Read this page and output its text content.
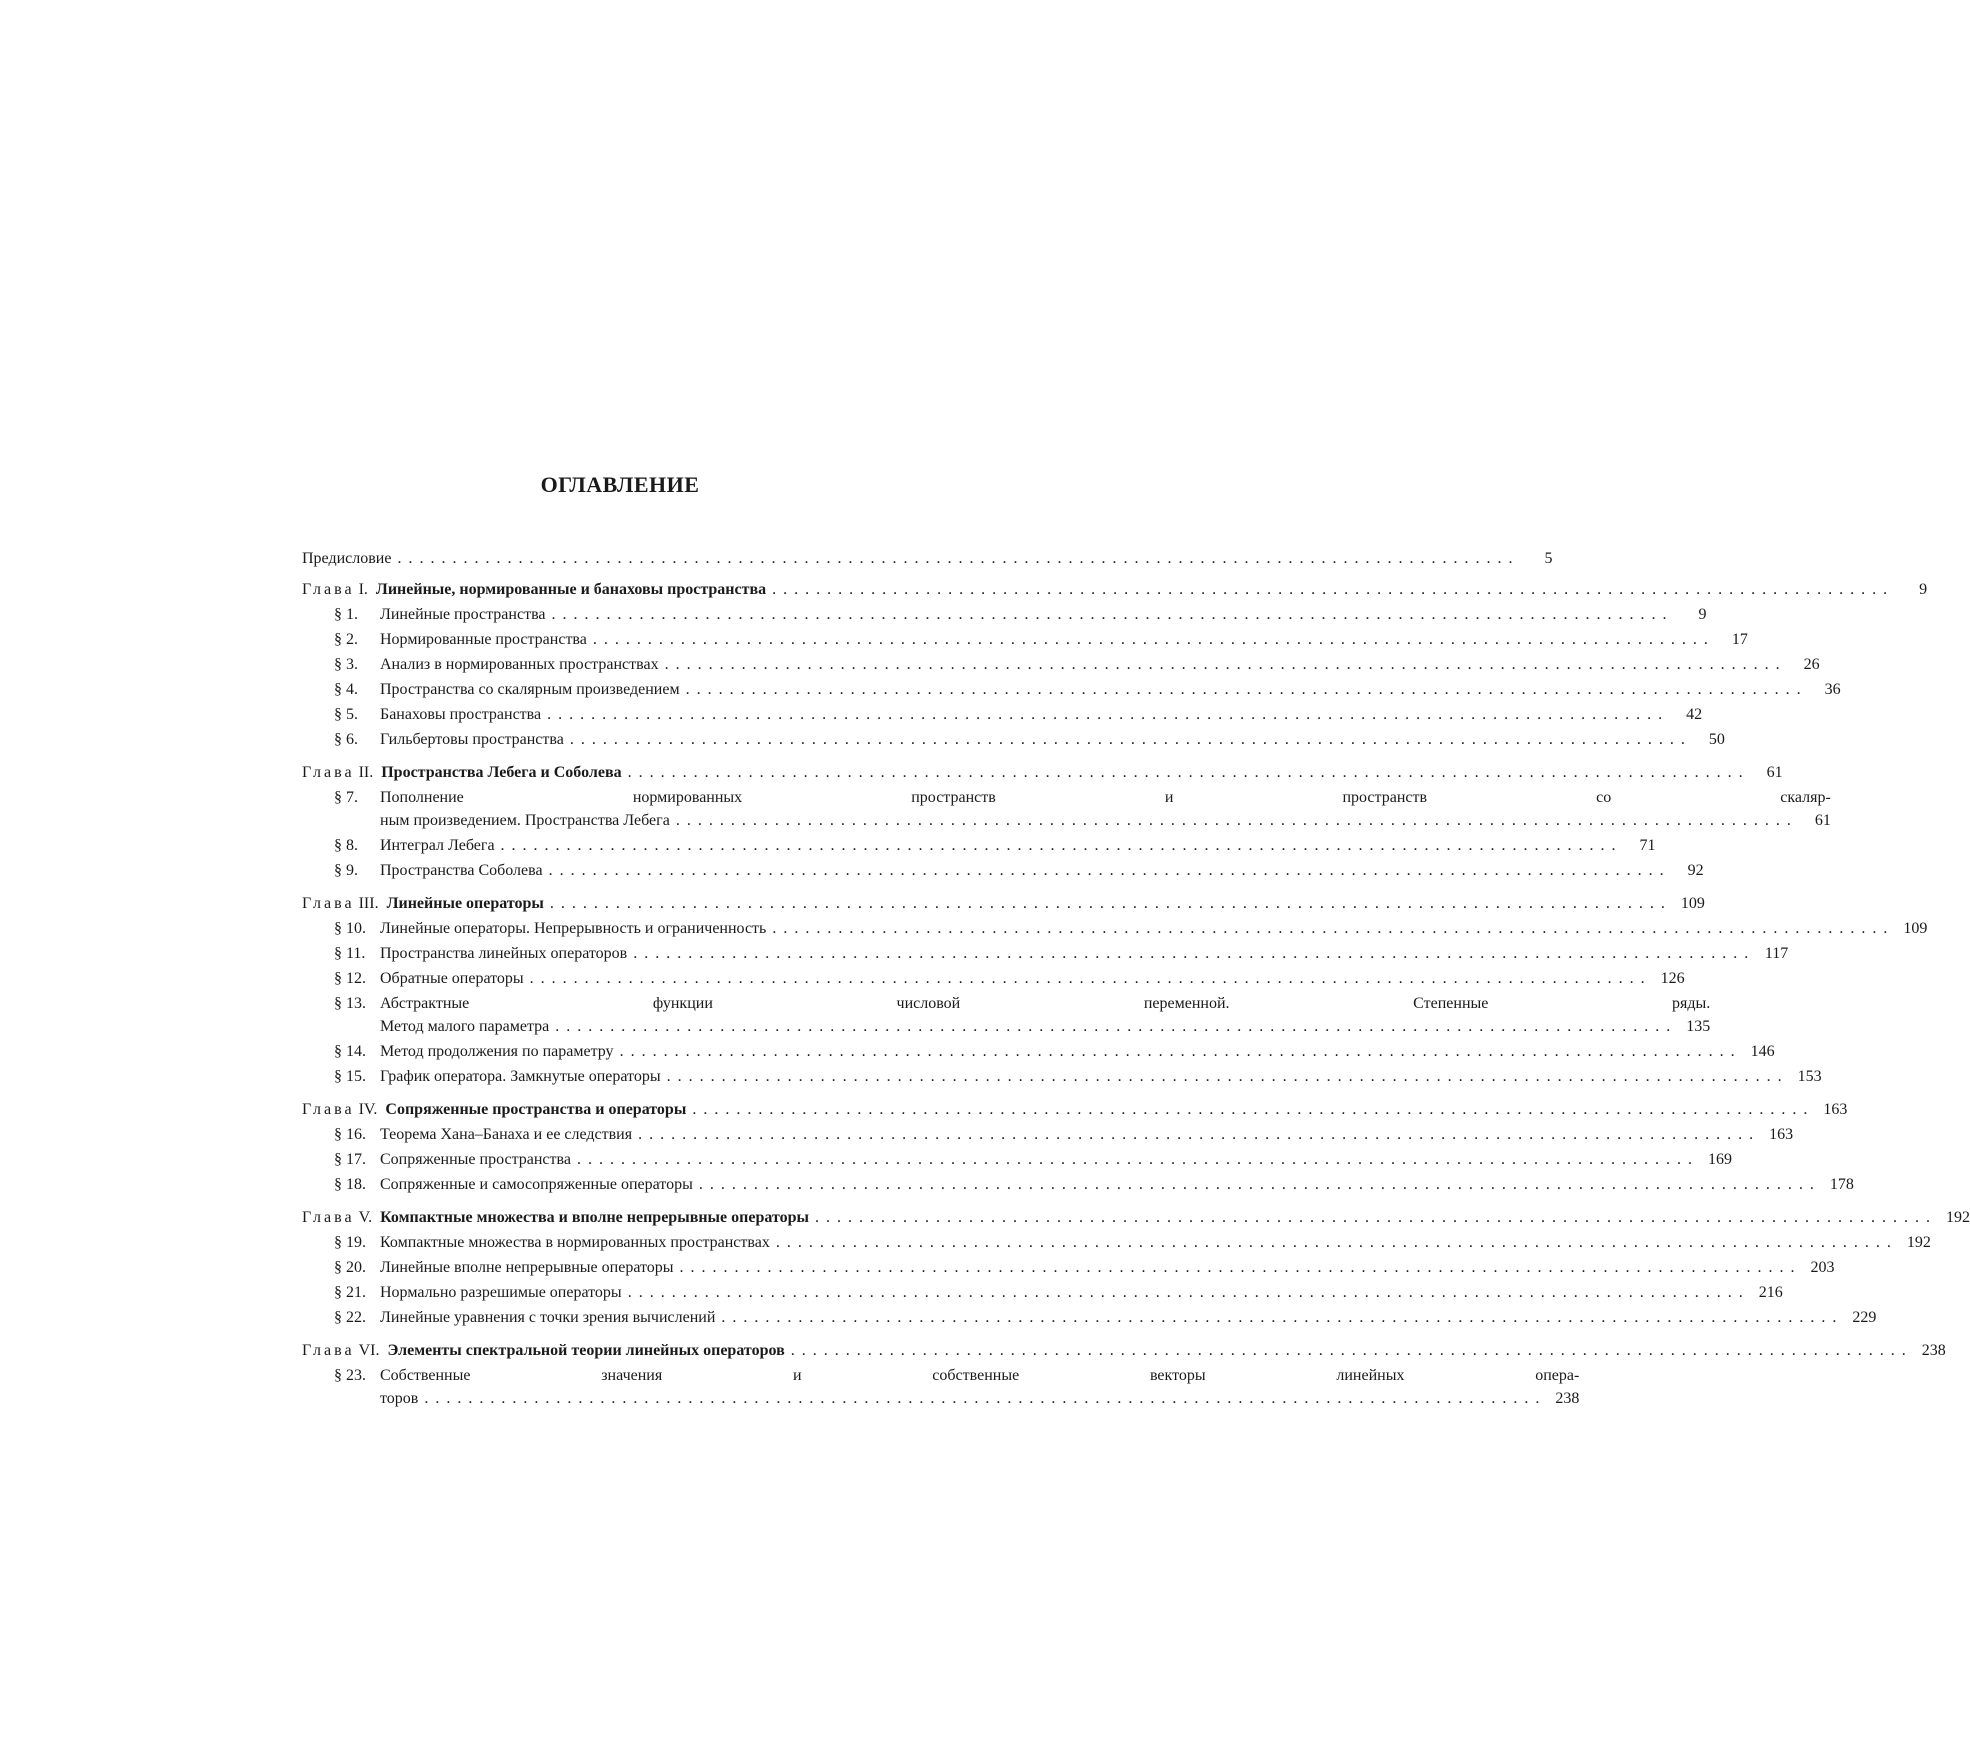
ОГЛАВЛЕНИЕ
Предисловие . . .	5
Глава I. Линейные, нормированные и банаховы пространства . . .	9
§ 1. Линейные пространства . . .	9
§ 2. Нормированные пространства . . .	17
§ 3. Анализ в нормированных пространствах . . .	26
§ 4. Пространства со скалярным произведением . . .	36
§ 5. Банаховы пространства . . .	42
§ 6. Гильбертовы пространства . . .	50
Глава II. Пространства Лебега и Соболева . . .	61
§ 7.	Пополнение нормированных пространств и пространств со скаляр-
ным произведением. Пространства Лебега . . .	61
§ 8. Интеграл Лебега . . .	71
§ 9. Пространства Соболева . . .	92
Глава III. Линейные операторы . . .	109
§ 10. Линейные операторы. Непрерывность и ограниченность . . .	109
§ 11. Пространства линейных операторов . . .	117
§ 12. Обратные операторы . . .	126
§ 13. Абстрактные функции числовой переменной. Степенные ряды.
Метод малого параметра . . .	135
§ 14. Метод продолжения по параметру . . .	146
§ 15. График оператора. Замкнутые операторы . . .	153
Глава IV. Сопряженные пространства и операторы . . .	163
§ 16. Теорема Хана–Банаха и ее следствия . . .	163
§ 17. Сопряженные пространства . . .	169
§ 18. Сопряженные и самосопряженные операторы . . .	178
Глава V. Компактные множества и вполне непрерывные операторы . . .	192
§ 19. Компактные множества в нормированных пространствах . . .	192
§ 20. Линейные вполне непрерывные операторы . . .	203
§ 21. Нормально разрешимые операторы . . .	216
§ 22. Линейные уравнения с точки зрения вычислений . . .	229
Глава VI. Элементы спектральной теории линейных операторов . . .	238
§ 23. Собственные значения и собственные векторы линейных опера-
торов . . .	238
